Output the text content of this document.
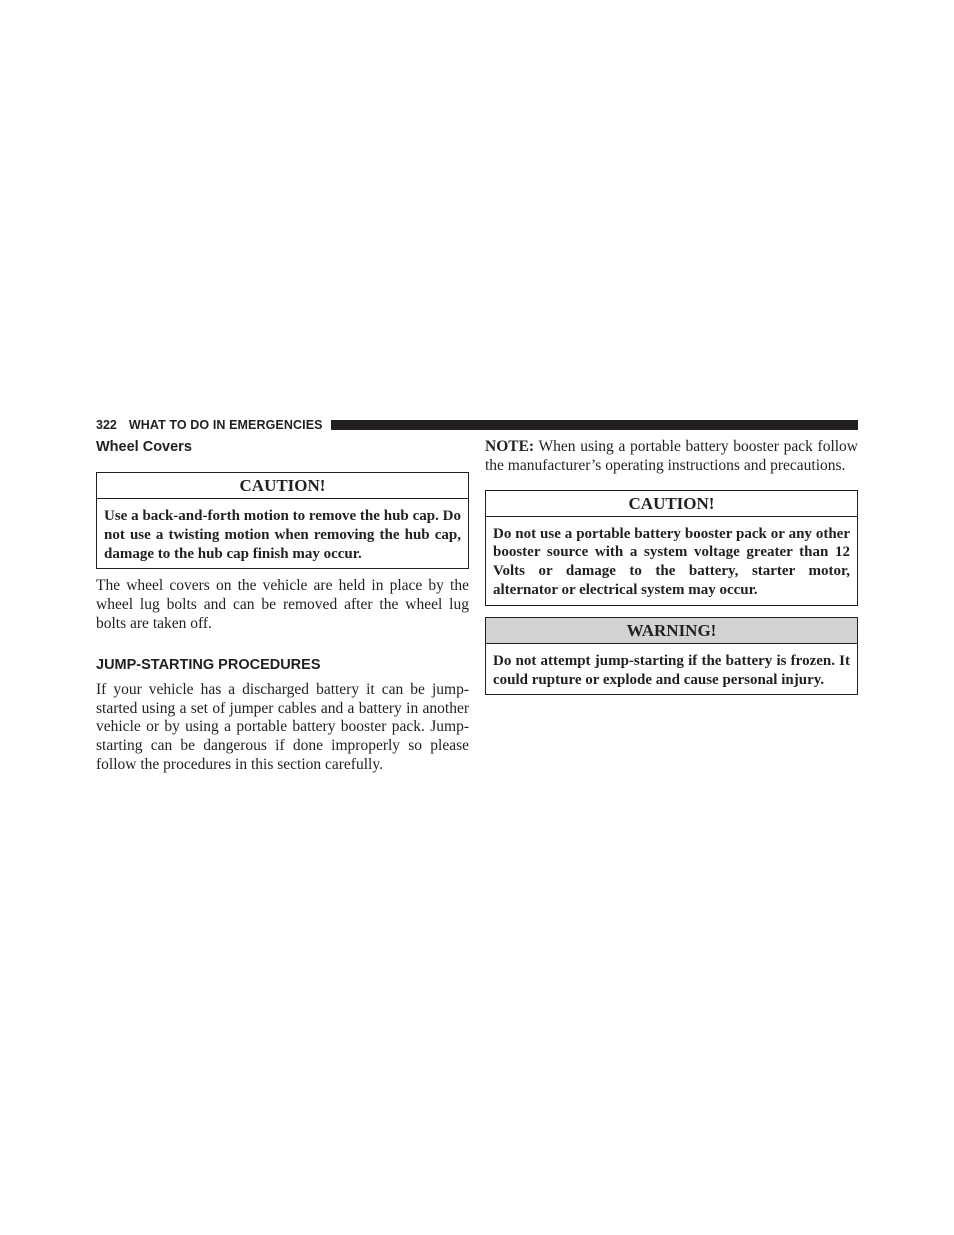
322 WHAT TO DO IN EMERGENCIES
Wheel Covers
CAUTION!
Use a back-and-forth motion to remove the hub cap. Do not use a twisting motion when removing the hub cap, damage to the hub cap finish may occur.

The wheel covers on the vehicle are held in place by the wheel lug bolts and can be removed after the wheel lug bolts are taken off.

JUMP-STARTING PROCEDURES

If your vehicle has a discharged battery it can be jump-started using a set of jumper cables and a battery in another vehicle or by using a portable battery booster pack. Jump-starting can be dangerous if done improperly so please follow the procedures in this section carefully.

NOTE: When using a portable battery booster pack follow the manufacturer’s operating instructions and precautions.

CAUTION!
Do not use a portable battery booster pack or any other booster source with a system voltage greater than 12 Volts or damage to the battery, starter motor, alternator or electrical system may occur.
WARNING!
Do not attempt jump-starting if the battery is frozen. It could rupture or explode and cause personal injury.
